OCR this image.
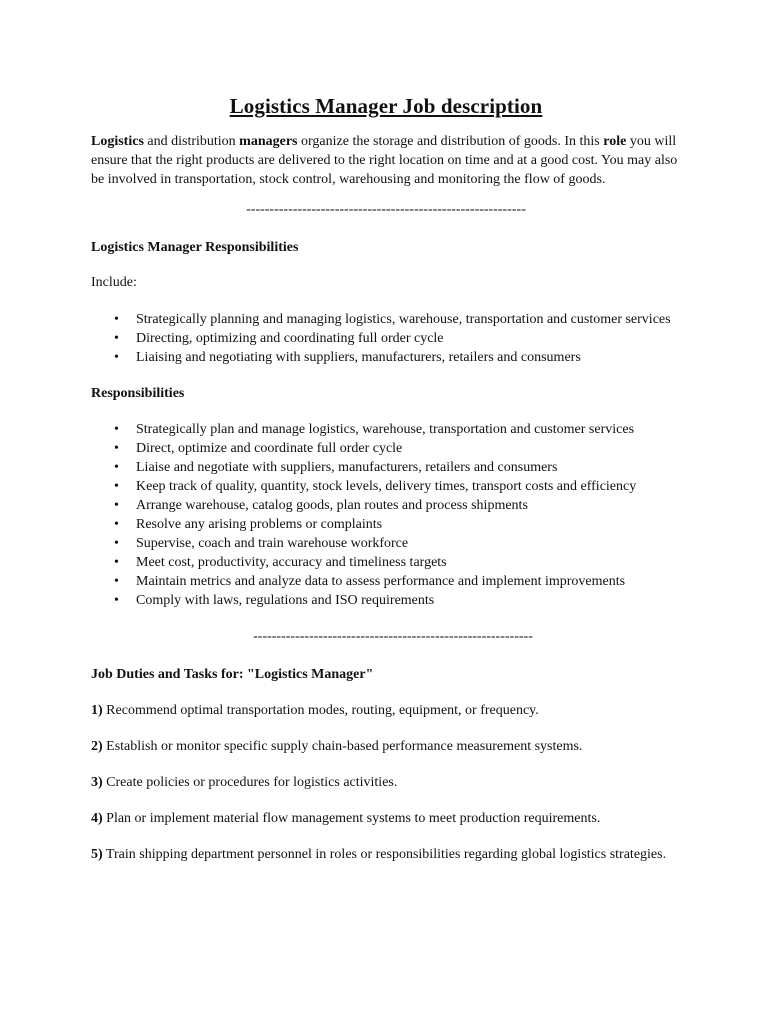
Logistics Manager Job description

Logistics and distribution managers organize the storage and distribution of goods. In this role you will ensure that the right products are delivered to the right location on time and at a good cost. You may also be involved in transportation, stock control, warehousing and monitoring the flow of goods.

------------------------------------------------------------

Logistics Manager Responsibilities

Include:

• Strategically planning and managing logistics, warehouse, transportation and customer services
• Directing, optimizing and coordinating full order cycle
• Liaising and negotiating with suppliers, manufacturers, retailers and consumers

Responsibilities

• Strategically plan and manage logistics, warehouse, transportation and customer services
• Direct, optimize and coordinate full order cycle
• Liaise and negotiate with suppliers, manufacturers, retailers and consumers
• Keep track of quality, quantity, stock levels, delivery times, transport costs and efficiency
• Arrange warehouse, catalog goods, plan routes and process shipments
• Resolve any arising problems or complaints
• Supervise, coach and train warehouse workforce
• Meet cost, productivity, accuracy and timeliness targets
• Maintain metrics and analyze data to assess performance and implement improvements
• Comply with laws, regulations and ISO requirements
------------------------------------------------------------

Job Duties and Tasks for: "Logistics Manager"

1) Recommend optimal transportation modes, routing, equipment, or frequency.

2) Establish or monitor specific supply chain-based performance measurement systems.

3) Create policies or procedures for logistics activities.

4) Plan or implement material flow management systems to meet production requirements.

5) Train shipping department personnel in roles or responsibilities regarding global logistics strategies.
